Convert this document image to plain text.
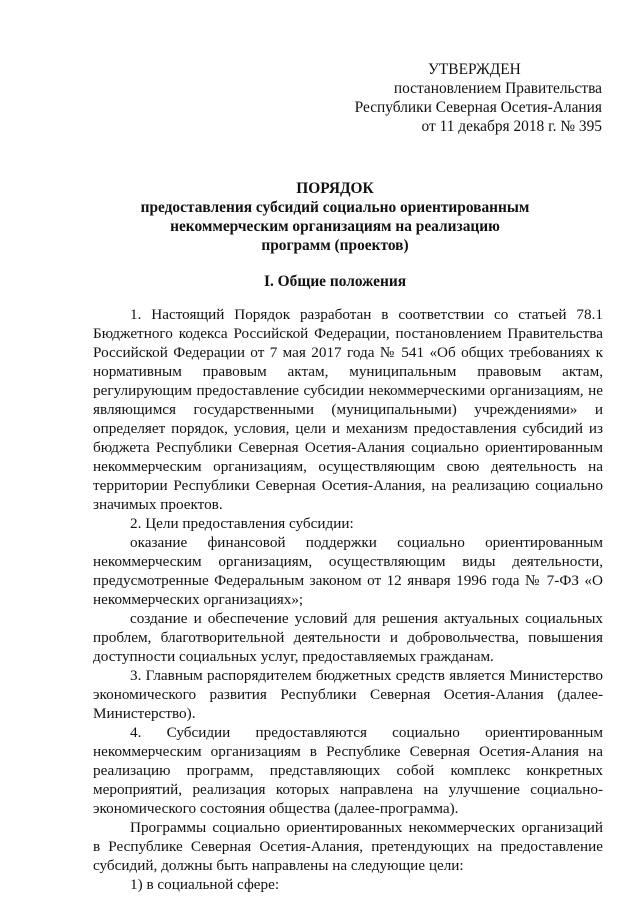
УТВЕРЖДЕН
постановлением Правительства
Республики Северная Осетия-Алания
от 11 декабря 2018 г. № 395
ПОРЯДОК
предоставления субсидий социально ориентированным
некоммерческим организациям на реализацию
программ (проектов)
I. Общие положения

1. Настоящий Порядок разработан в соответствии со статьей 78.1 Бюджетного кодекса Российской Федерации, постановлением Правительства Российской Федерации от 7 мая 2017 года № 541 «Об общих требованиях к нормативным правовым актам, муниципальным правовым актам, регулирующим предоставление субсидии некоммерческими организациям, не являющимся государственными (муниципальными) учреждениями» и определяет порядок, условия, цели и механизм предоставления субсидий из бюджета Республики Северная Осетия-Алания социально ориентированным некоммерческим организациям, осуществляющим свою деятельность на территории Республики Северная Осетия-Алания, на реализацию социально значимых проектов.

2. Цели предоставления субсидии:

оказание финансовой поддержки социально ориентированным некоммерческим организациям, осуществляющим виды деятельности, предусмотренные Федеральным законом от 12 января 1996 года № 7-ФЗ «О некоммерческих организациях»;

создание и обеспечение условий для решения актуальных социальных проблем, благотворительной деятельности и добровольчества, повышения доступности социальных услуг, предоставляемых гражданам.

3. Главным распорядителем бюджетных средств является Министерство экономического развития Республики Северная Осетия-Алания (далее-Министерство).

4. Субсидии предоставляются социально ориентированным некоммерческим организациям в Республике Северная Осетия-Алания на реализацию программ, представляющих собой комплекс конкретных мероприятий, реализация которых направлена на улучшение социально-экономического состояния общества (далее-программа).

Программы социально ориентированных некоммерческих организаций в Республике Северная Осетия-Алания, претендующих на предоставление субсидий, должны быть направлены на следующие цели:

1) в социальной сфере:
